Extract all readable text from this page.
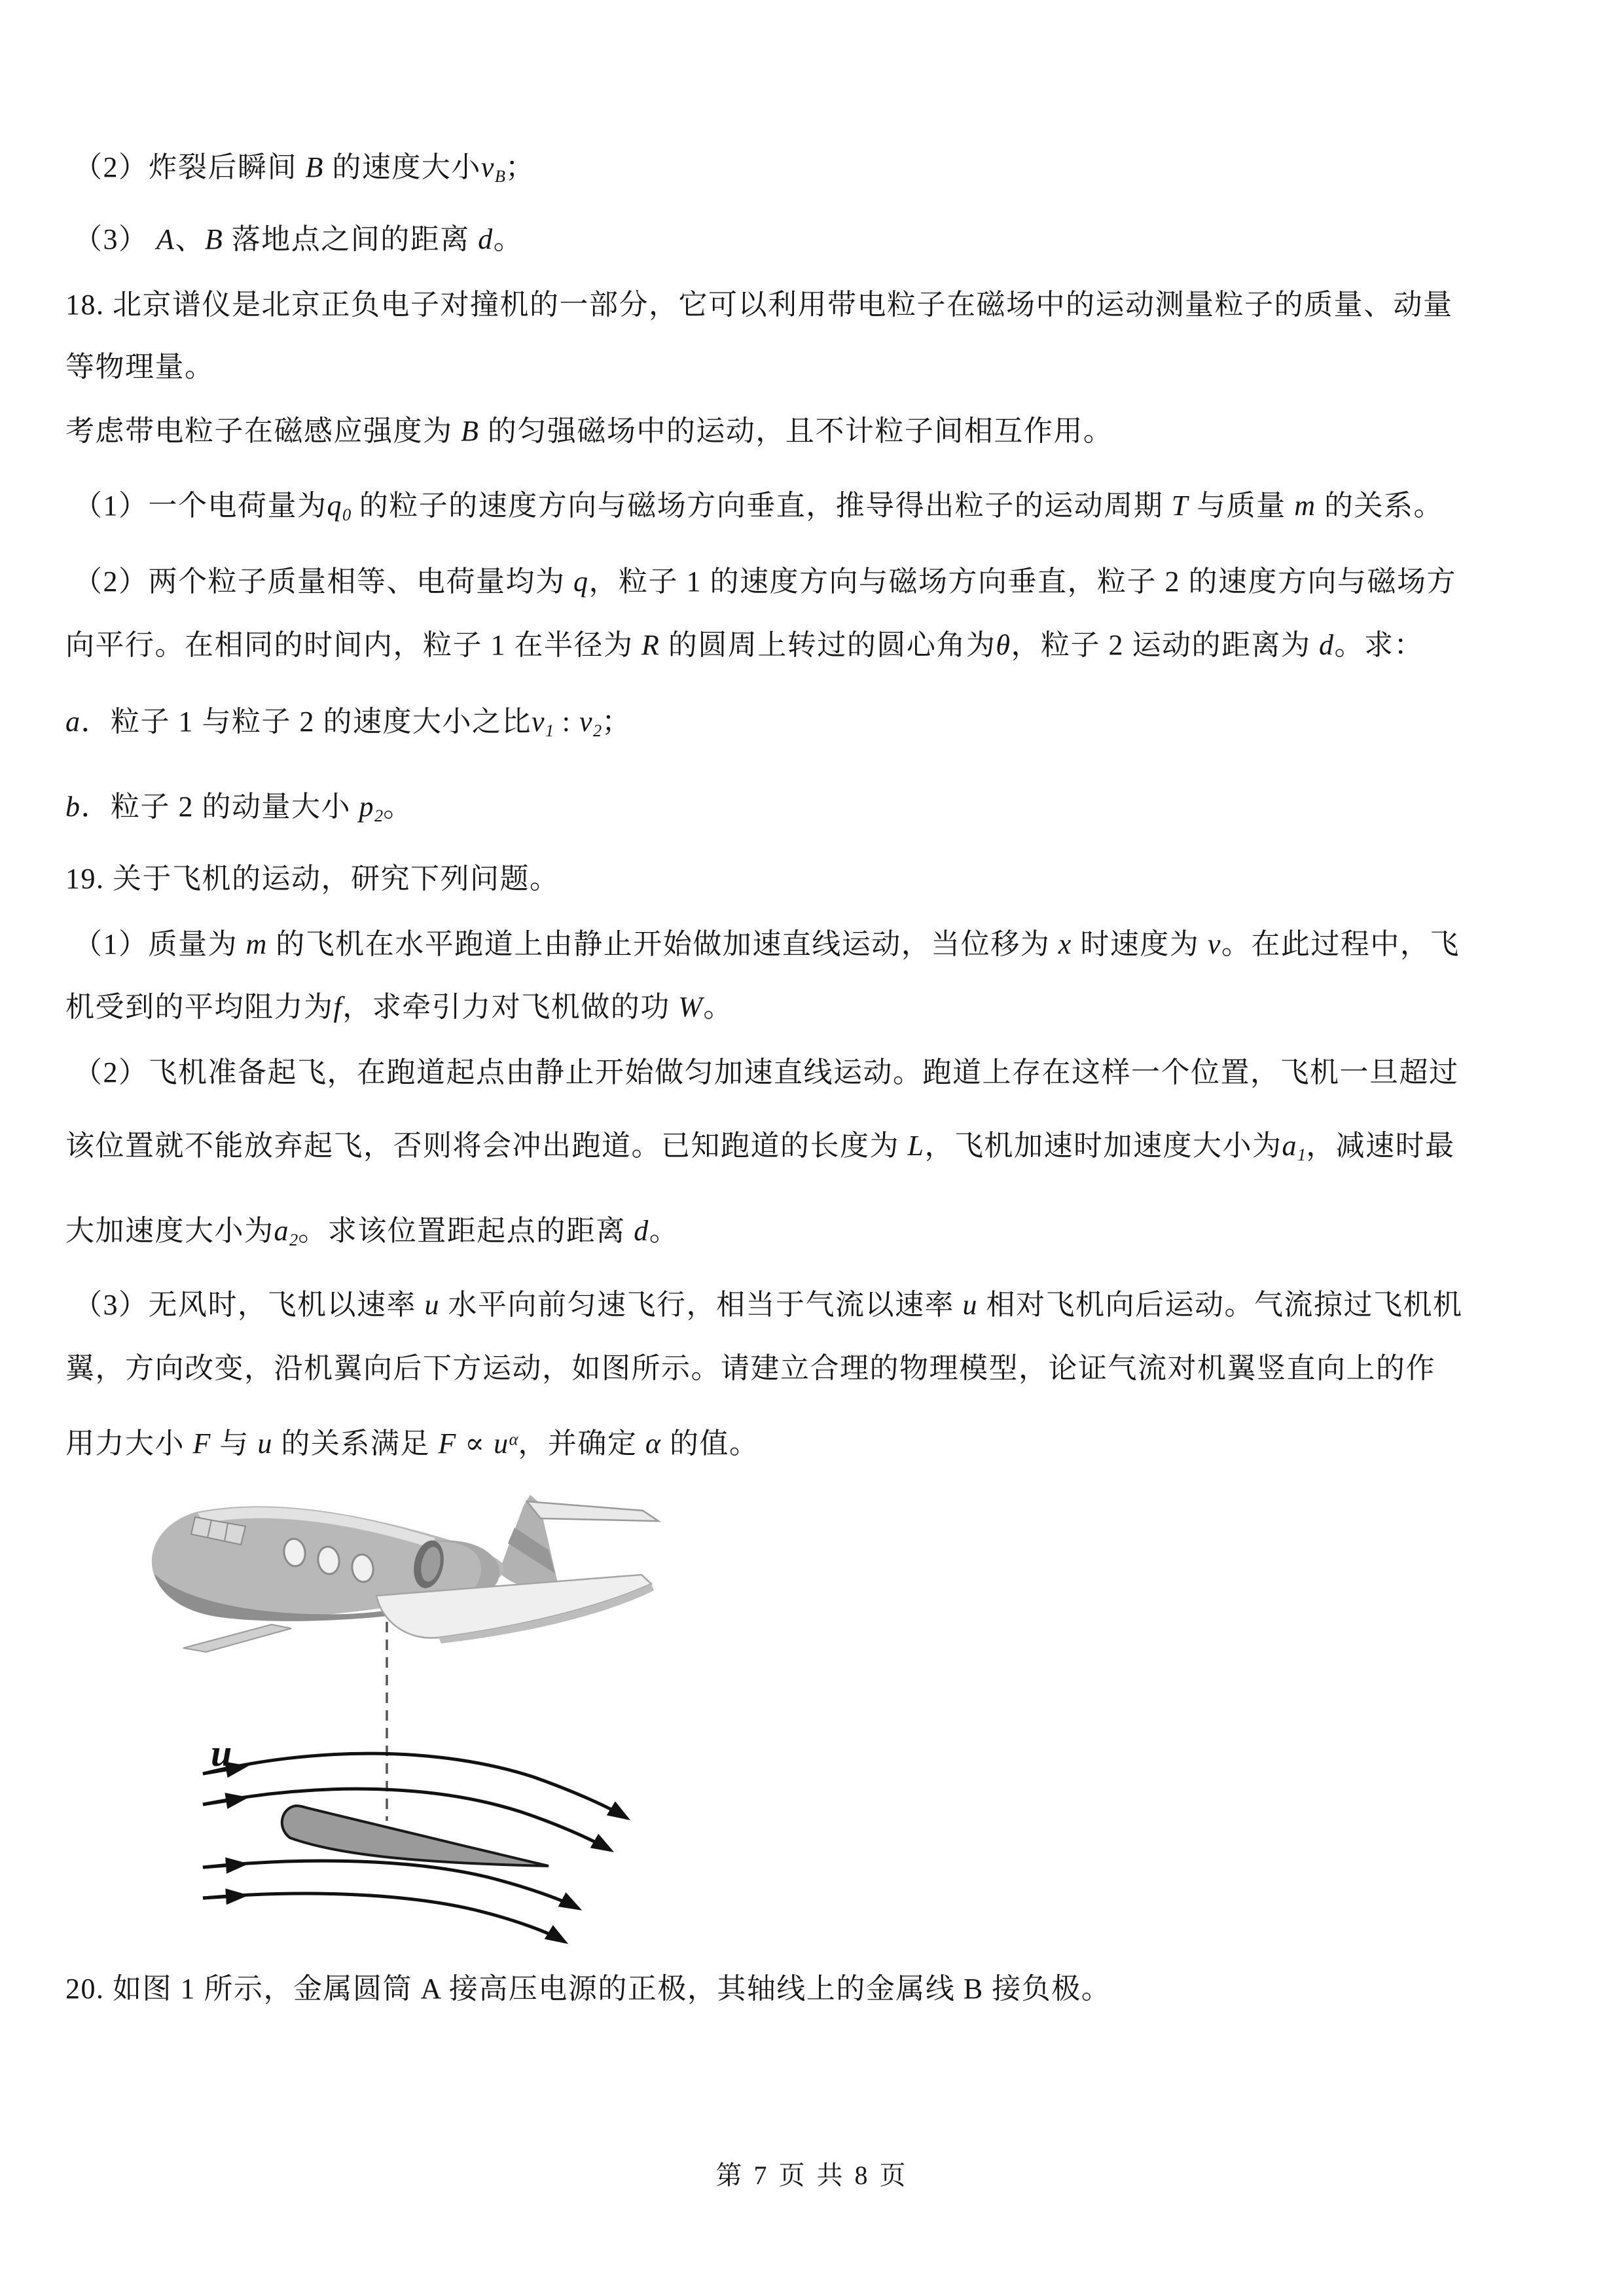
（2）炸裂后瞬间 B 的速度大小vB；
（3） A、B 落地点之间的距离 d。
18. 北京谱仪是北京正负电子对撞机的一部分，它可以利用带电粒子在磁场中的运动测量粒子的质量、动量
等物理量。
考虑带电粒子在磁感应强度为 B 的匀强磁场中的运动，且不计粒子间相互作用。
（1）一个电荷量为q0 的粒子的速度方向与磁场方向垂直，推导得出粒子的运动周期 T 与质量 m 的关系。
（2）两个粒子质量相等、电荷量均为 q，粒子 1 的速度方向与磁场方向垂直，粒子 2 的速度方向与磁场方
向平行。在相同的时间内，粒子 1 在半径为 R 的圆周上转过的圆心角为θ，粒子 2 运动的距离为 d。求：
a．粒子 1 与粒子 2 的速度大小之比v1 : v2；
b．粒子 2 的动量大小 p2。
19. 关于飞机的运动，研究下列问题。
（1）质量为 m 的飞机在水平跑道上由静止开始做加速直线运动，当位移为 x 时速度为 v。在此过程中，飞
机受到的平均阻力为f，求牵引力对飞机做的功 W。
（2）飞机准备起飞，在跑道起点由静止开始做匀加速直线运动。跑道上存在这样一个位置，飞机一旦超过
该位置就不能放弃起飞，否则将会冲出跑道。已知跑道的长度为 L，飞机加速时加速度大小为a1，减速时最
大加速度大小为a2。求该位置距起点的距离 d。
（3）无风时，飞机以速率 u 水平向前匀速飞行，相当于气流以速率 u 相对飞机向后运动。气流掠过飞机机
翼，方向改变，沿机翼向后下方运动，如图所示。请建立合理的物理模型，论证气流对机翼竖直向上的作
用力大小 F 与 u 的关系满足 $F \propto u^\alpha$，并确定 α 的值。
u
20. 如图 1 所示，金属圆筒 A 接高压电源的正极，其轴线上的金属线 B 接负极。
第 7 页 共 8 页
